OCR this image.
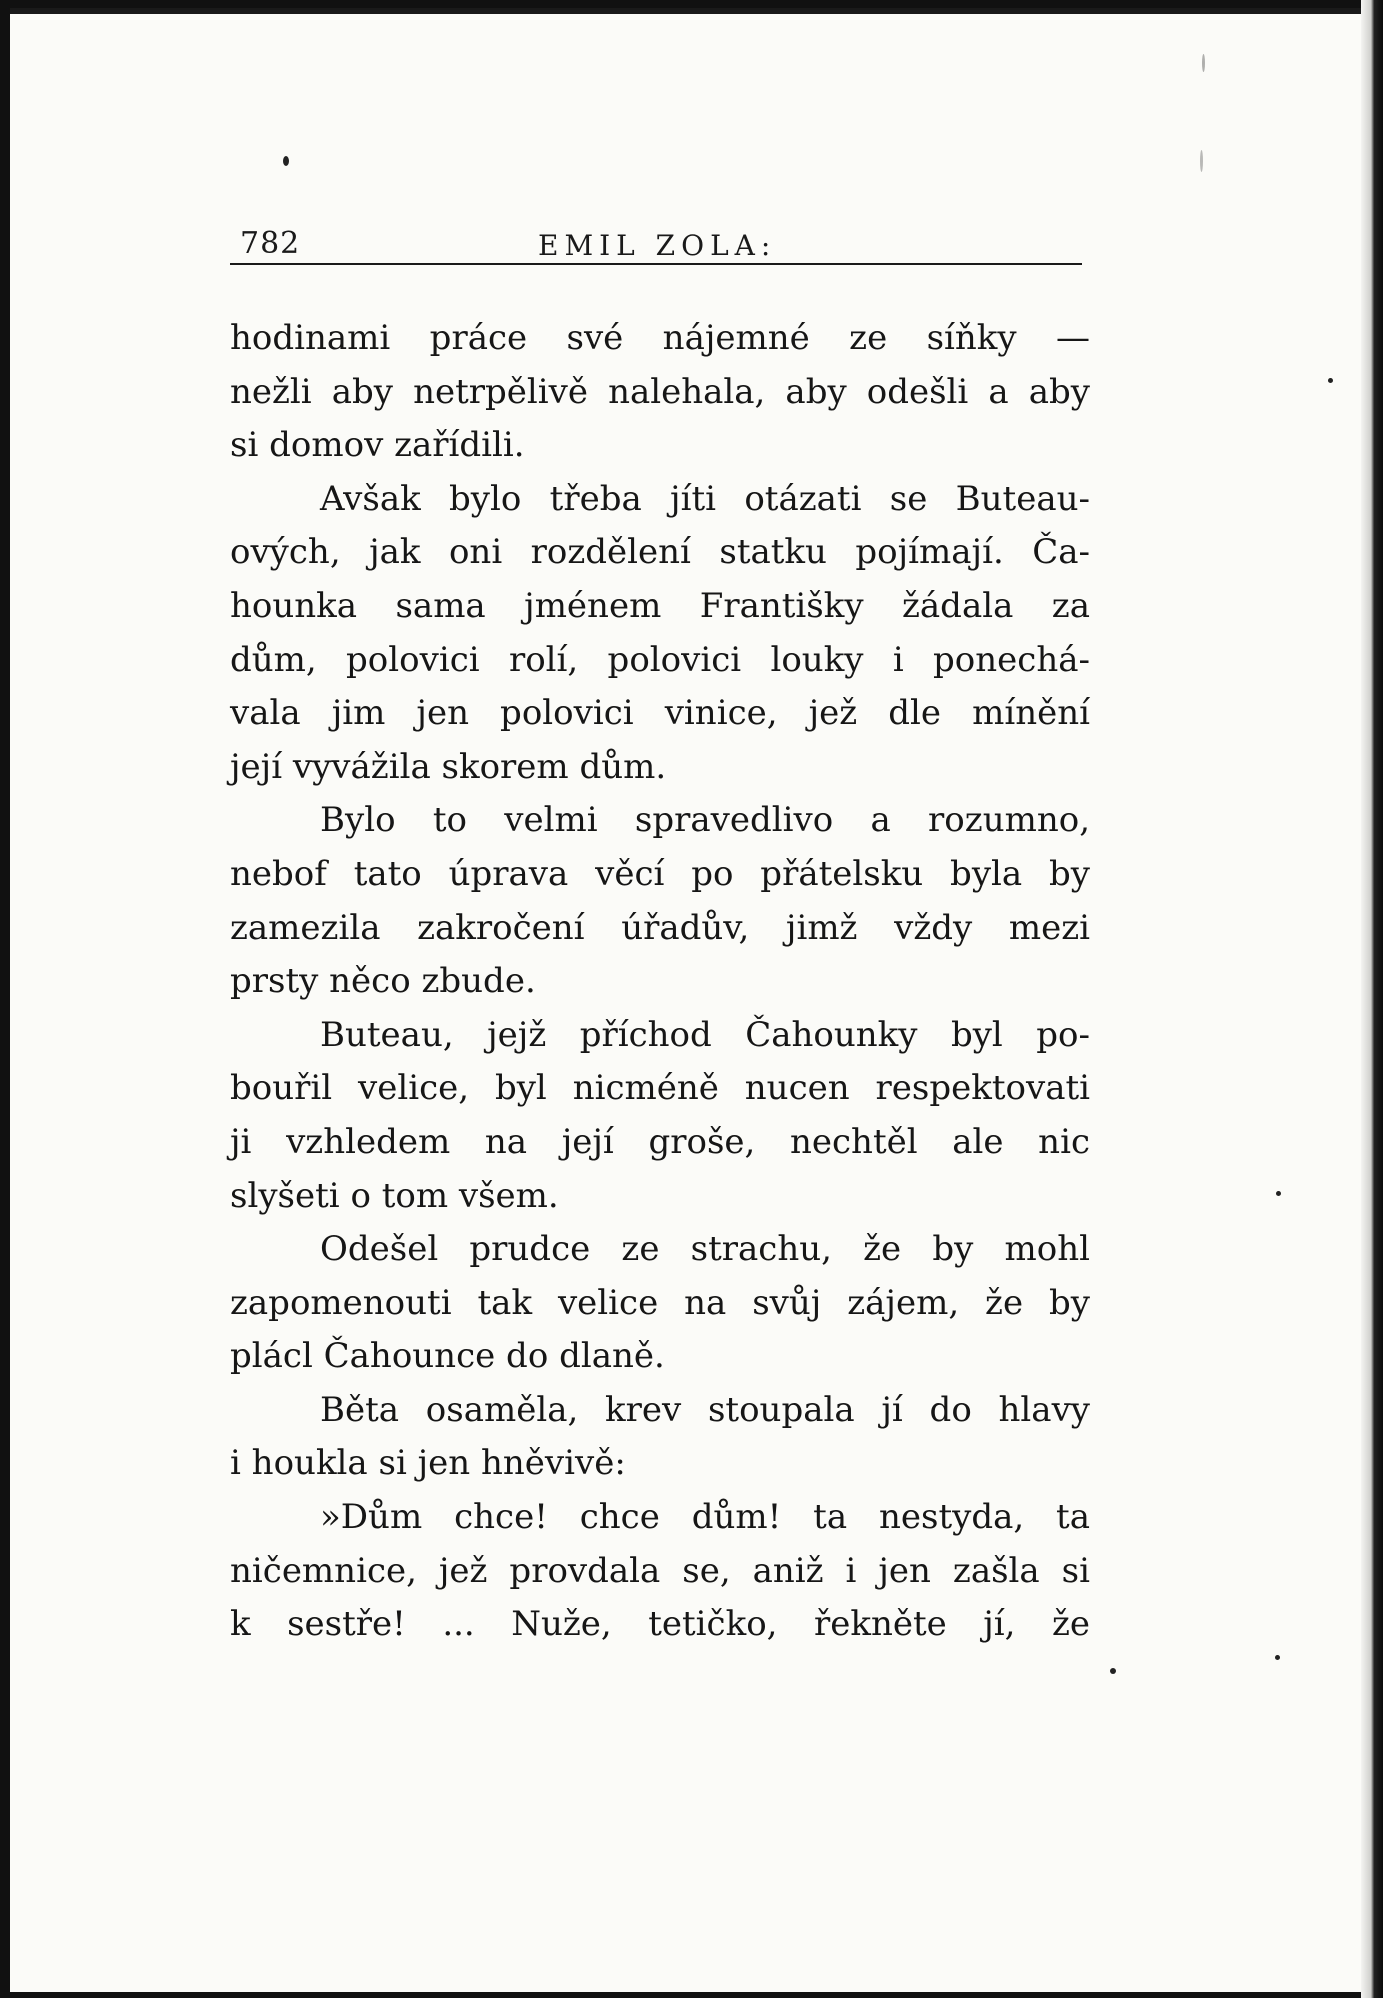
782	EMIL ZOLA:
hodinami práce své nájemné ze síňky —
nežli aby netrpělivě nalehala, aby odešli a aby
si domov zařídili.
Avšak bylo třeba jíti otázati se Buteau-
ových, jak oni rozdělení statku pojímají. Ča-
hounka sama jménem Františky žádala za
dům, polovici rolí, polovici louky i ponechá-
vala jim jen polovici vinice, jež dle mínění
její vyvážila skorem dům.
Bylo to velmi spravedlivo a rozumno,
nebof tato úprava věcí po přátelsku byla by
zamezila zakročení úřadův, jimž vždy mezi
prsty něco zbude.
Buteau, jejž příchod Čahounky byl po-
bouřil velice, byl nicméně nucen respektovati
ji vzhledem na její groše, nechtěl ale nic
slyšeti o tom všem.
Odešel prudce ze strachu, že by mohl
zapomenouti tak velice na svůj zájem, že by
plácl Čahounce do dlaně.
Běta osaměla, krev stoupala jí do hlavy
i houkla si jen hněvivě:
»Dům chce! chce dům! ta nestyda, ta
ničemnice, jež provdala se, aniž i jen zašla si
k sestře! ... Nuže, tetičko, řekněte jí, že
